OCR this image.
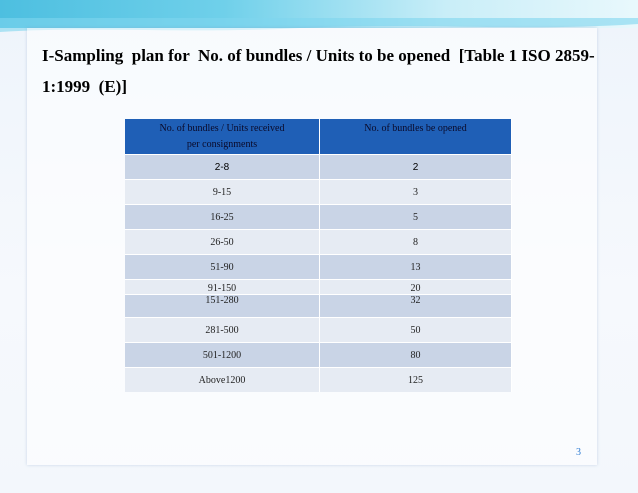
I-Sampling  plan for  No. of bundles / Units to be opened  [Table 1 ISO 2859-1:1999  (E)]
No. of bundles / Units received
per consignments	No. of bundles be opened
2-8	2
9-15	3
16-25	5
26-50	8
51-90	13
91-150	20
151-280	32
281-500	50
501-1200	80
Above1200	125
3
